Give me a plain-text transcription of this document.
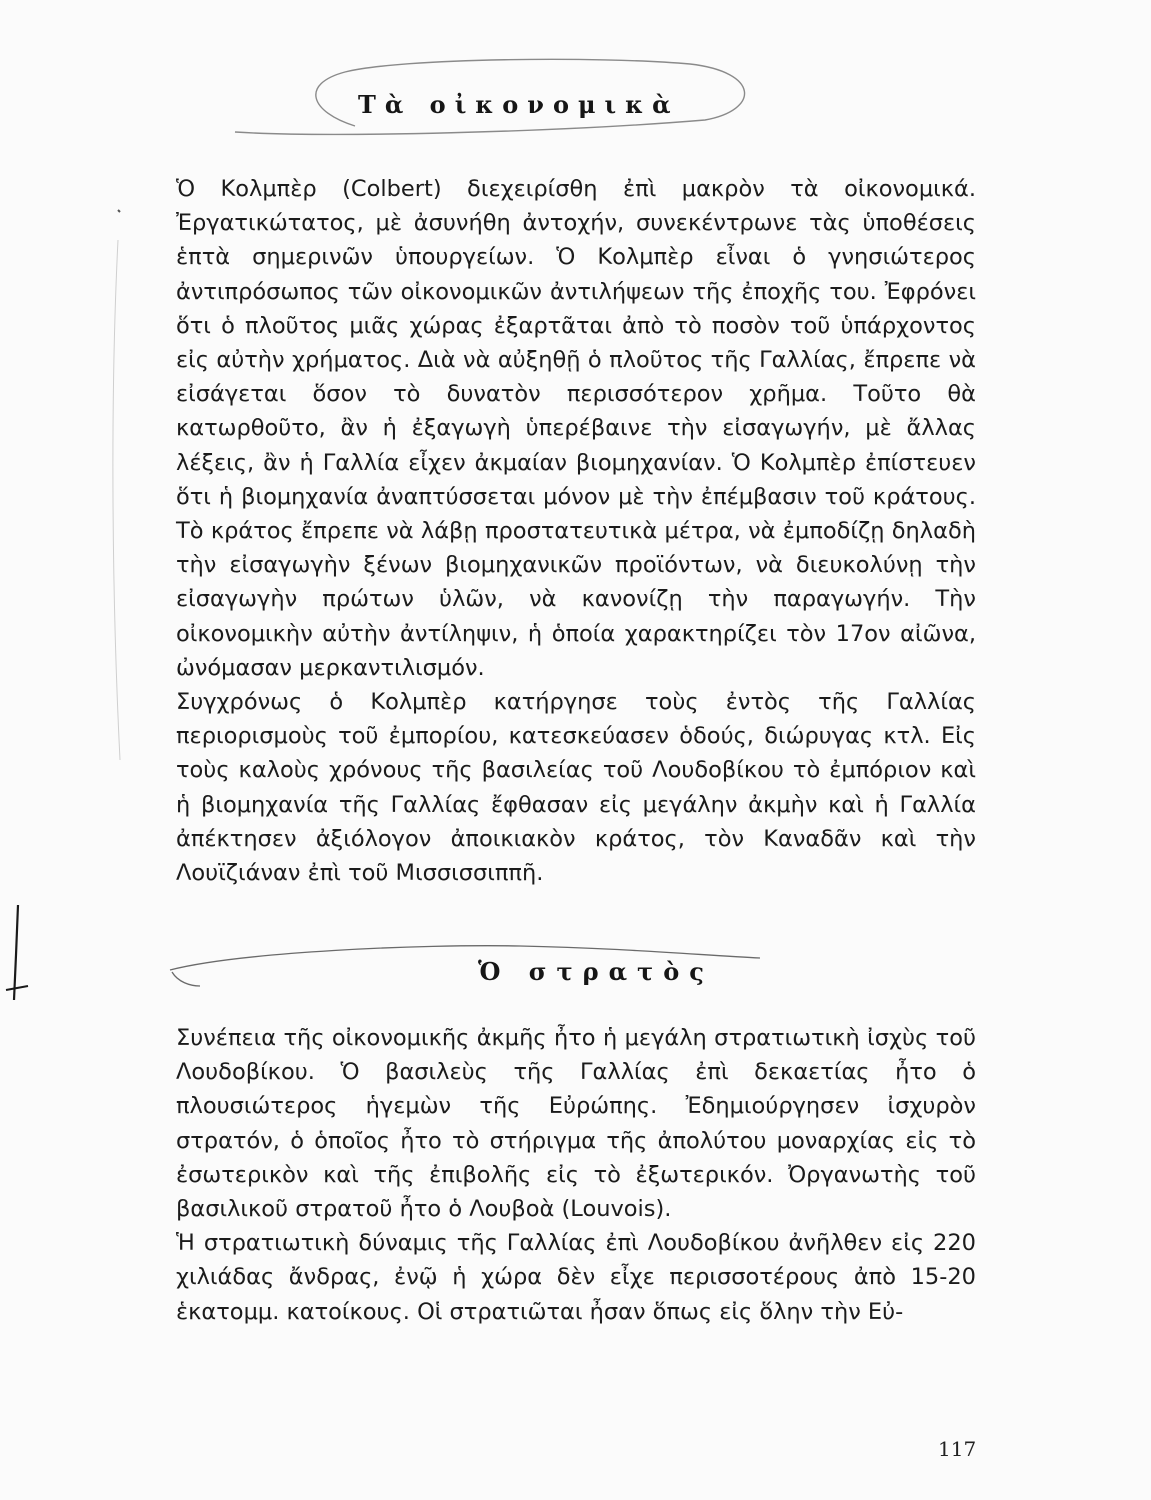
Τὰ οἰκονομικὰ

Ὁ Κολμπὲρ (Colbert) διεχειρίσθη ἐπὶ μακρὸν τὰ οἰκονομικά. Ἐργατικώτατος, μὲ ἀσυνήθη ἀντοχήν, συνεκέντρωνε τὰς ὑποθέσεις ἑπτὰ σημερινῶν ὑπουργείων. Ὁ Κολμπὲρ εἶναι ὁ γνησιώτερος ἀντιπρόσωπος τῶν οἰκονομικῶν ἀντιλήψεων τῆς ἐποχῆς του. Ἐφρόνει ὅτι ὁ πλοῦτος μιᾶς χώρας ἐξαρτᾶται ἀπὸ τὸ ποσὸν τοῦ ὑπάρχοντος εἰς αὐτὴν χρήματος. Διὰ νὰ αὐξηθῇ ὁ πλοῦτος τῆς Γαλλίας, ἔπρεπε νὰ εἰσάγεται ὅσον τὸ δυνατὸν περισσότερον χρῆμα. Τοῦτο θὰ κατωρθοῦτο, ἂν ἡ ἐξαγωγὴ ὑπερέβαινε τὴν εἰσαγωγήν, μὲ ἄλλας λέξεις, ἂν ἡ Γαλλία εἶχεν ἀκμαίαν βιομηχανίαν. Ὁ Κολμπὲρ ἐπίστευεν ὅτι ἡ βιομηχανία ἀναπτύσσεται μόνον μὲ τὴν ἐπέμβασιν τοῦ κράτους. Τὸ κράτος ἔπρεπε νὰ λάβῃ προστατευτικὰ μέτρα, νὰ ἐμποδίζῃ δηλαδὴ τὴν εἰσαγωγὴν ξένων βιομηχανικῶν προϊόντων, νὰ διευκολύνῃ τὴν εἰσαγωγὴν πρώτων ὑλῶν, νὰ κανονίζῃ τὴν παραγωγήν. Τὴν οἰκονομικὴν αὐτὴν ἀντίληψιν, ἡ ὁποία χαρακτηρίζει τὸν 17ον αἰῶνα, ὠνόμασαν μερκαντιλισμόν.

Συγχρόνως ὁ Κολμπὲρ κατήργησε τοὺς ἐντὸς τῆς Γαλλίας περιορισμοὺς τοῦ ἐμπορίου, κατεσκεύασεν ὁδούς, διώρυγας κτλ. Εἰς τοὺς καλοὺς χρόνους τῆς βασιλείας τοῦ Λουδοβίκου τὸ ἐμπόριον καὶ ἡ βιομηχανία τῆς Γαλλίας ἔφθασαν εἰς μεγάλην ἀκμὴν καὶ ἡ Γαλλία ἀπέκτησεν ἀξιόλογον ἀποικιακὸν κράτος, τὸν Καναδᾶν καὶ τὴν Λουϊζιάναν ἐπὶ τοῦ Μισσισσιππῆ.

Ὁ στρατὸς

Συνέπεια τῆς οἰκονομικῆς ἀκμῆς ἦτο ἡ μεγάλη στρατιωτικὴ ἰσχὺς τοῦ Λουδοβίκου. Ὁ βασιλεὺς τῆς Γαλλίας ἐπὶ δεκαετίας ἦτο ὁ πλουσιώτερος ἡγεμὼν τῆς Εὐρώπης. Ἐδημιούργησεν ἰσχυρὸν στρατόν, ὁ ὁποῖος ἦτο τὸ στήριγμα τῆς ἀπολύτου μοναρχίας εἰς τὸ ἐσωτερικὸν καὶ τῆς ἐπιβολῆς εἰς τὸ ἐξωτερικόν. Ὀργανωτὴς τοῦ βασιλικοῦ στρατοῦ ἦτο ὁ Λουβοὰ (Louvois).

Ἡ στρατιωτικὴ δύναμις τῆς Γαλλίας ἐπὶ Λουδοβίκου ἀνῆλθεν εἰς 220 χιλιάδας ἄνδρας, ἐνῷ ἡ χώρα δὲν εἶχε περισσοτέρους ἀπὸ 15-20 ἑκατομμ. κατοίκους. Οἱ στρατιῶται ἦσαν ὅπως εἰς ὅλην τὴν Εὐ-

117
